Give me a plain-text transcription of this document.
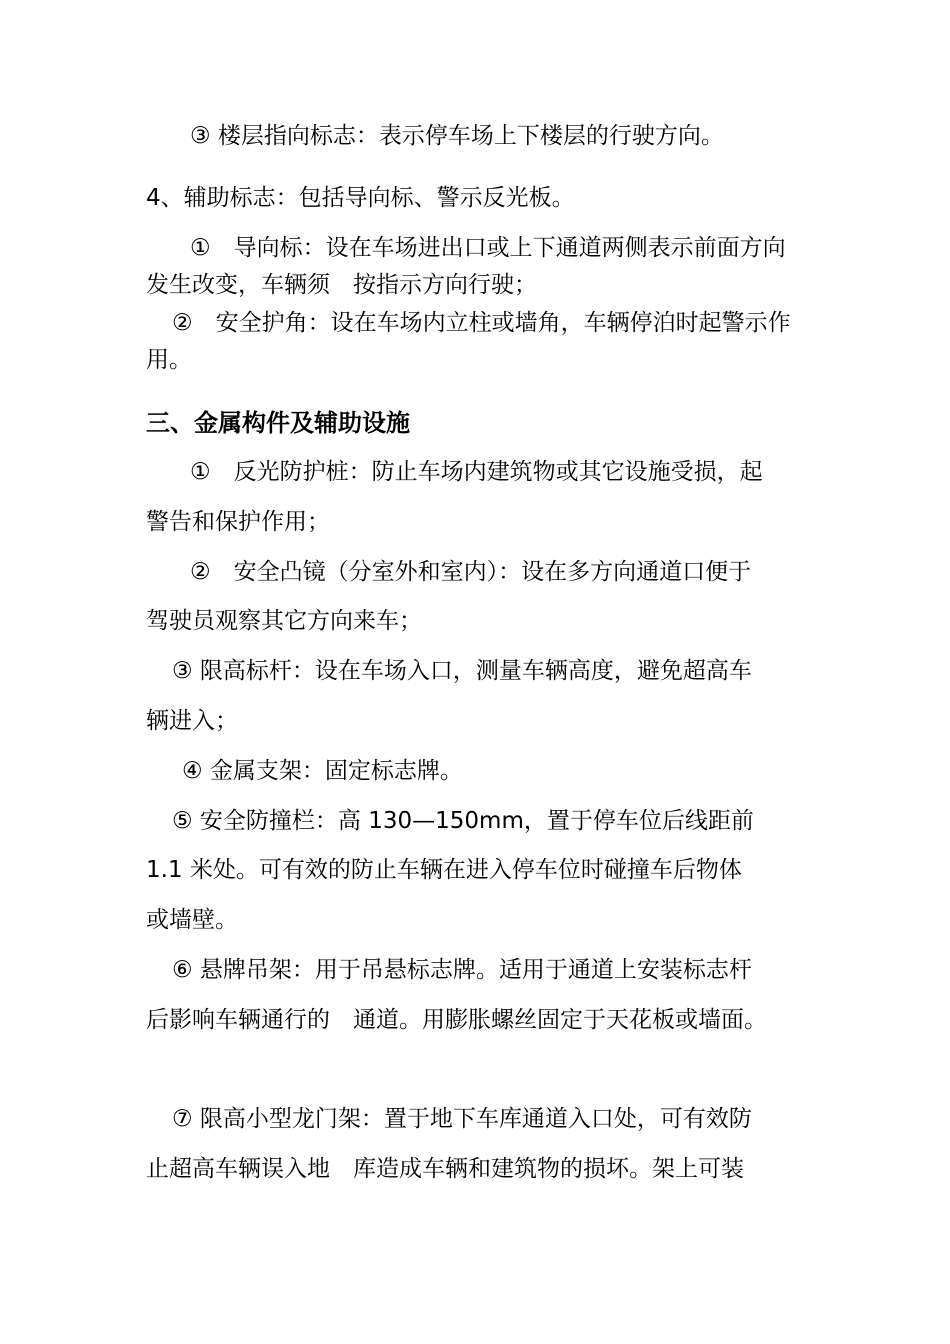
③ 楼层指向标志：表示停车场上下楼层的行驶方向。
4、辅助标志：包括导向标、警示反光板。
①　导向标：设在车场进出口或上下通道两侧表示前面方向
发生改变，车辆须　按指示方向行驶；
②　安全护角：设在车场内立柱或墙角，车辆停泊时起警示作
用。
三、金属构件及辅助设施
①　反光防护桩：防止车场内建筑物或其它设施受损，起
警告和保护作用；
②　安全凸镜（分室外和室内）：设在多方向通道口便于
驾驶员观察其它方向来车；
③ 限高标杆：设在车场入口，测量车辆高度，避免超高车
辆进入；
④ 金属支架：固定标志牌。
⑤ 安全防撞栏：高 130—150mm，置于停车位后线距前
1.1 米处。可有效的防止车辆在进入停车位时碰撞车后物体
或墙壁。
⑥ 悬牌吊架：用于吊悬标志牌。适用于通道上安装标志杆
后影响车辆通行的　通道。用膨胀螺丝固定于天花板或墙面。
⑦ 限高小型龙门架：置于地下车库通道入口处，可有效防
止超高车辆误入地　库造成车辆和建筑物的损坏。架上可装
